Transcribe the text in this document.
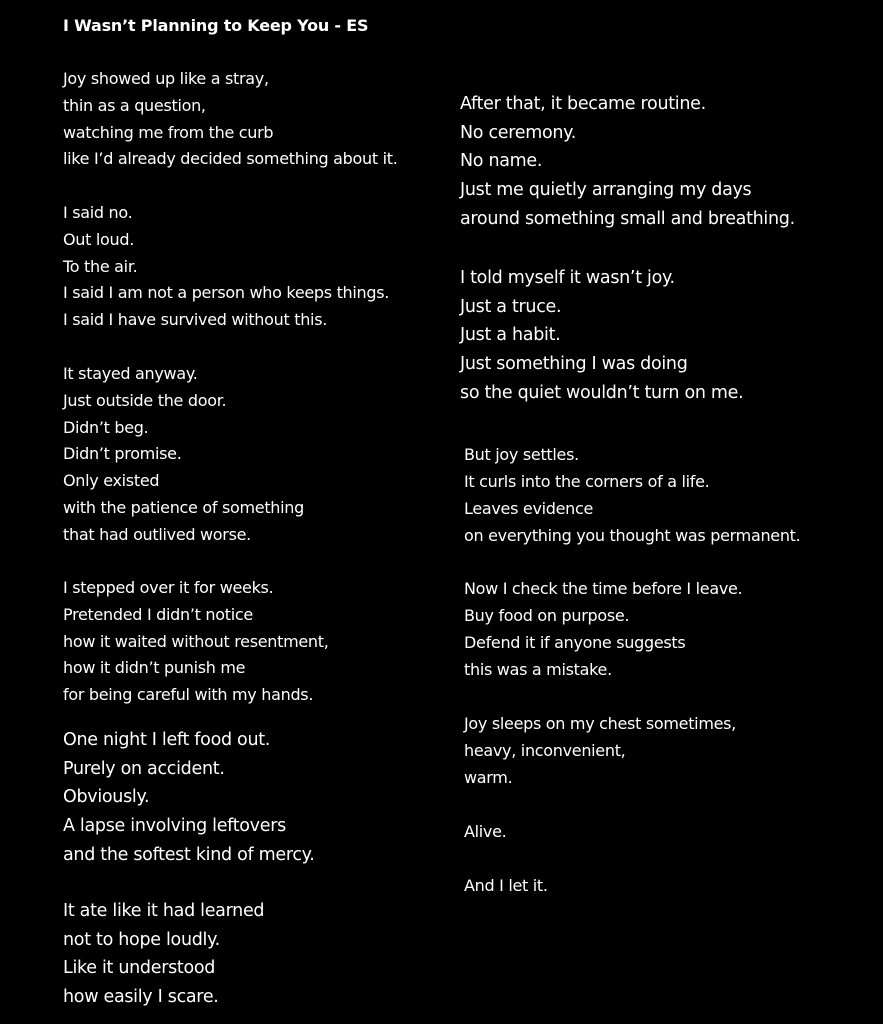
I Wasn’t Planning to Keep You - ES
Joy showed up like a stray,
thin as a question,
watching me from the curb
like I’d already decided something about it.
I said no.
Out loud.
To the air.
I said I am not a person who keeps things.
I said I have survived without this.
It stayed anyway.
Just outside the door.
Didn’t beg.
Didn’t promise.
Only existed
with the patience of something
that had outlived worse.
I stepped over it for weeks.
Pretended I didn’t notice
how it waited without resentment,
how it didn’t punish me
for being careful with my hands.
One night I left food out.
Purely on accident.
Obviously.
A lapse involving leftovers
and the softest kind of mercy.
It ate like it had learned
not to hope loudly.
Like it understood
how easily I scare.
After that, it became routine.
No ceremony.
No name.
Just me quietly arranging my days
around something small and breathing.
I told myself it wasn’t joy.
Just a truce.
Just a habit.
Just something I was doing
so the quiet wouldn’t turn on me.
But joy settles.
It curls into the corners of a life.
Leaves evidence
on everything you thought was permanent.
Now I check the time before I leave.
Buy food on purpose.
Defend it if anyone suggests
this was a mistake.
Joy sleeps on my chest sometimes,
heavy, inconvenient,
warm.
Alive.
And I let it.
